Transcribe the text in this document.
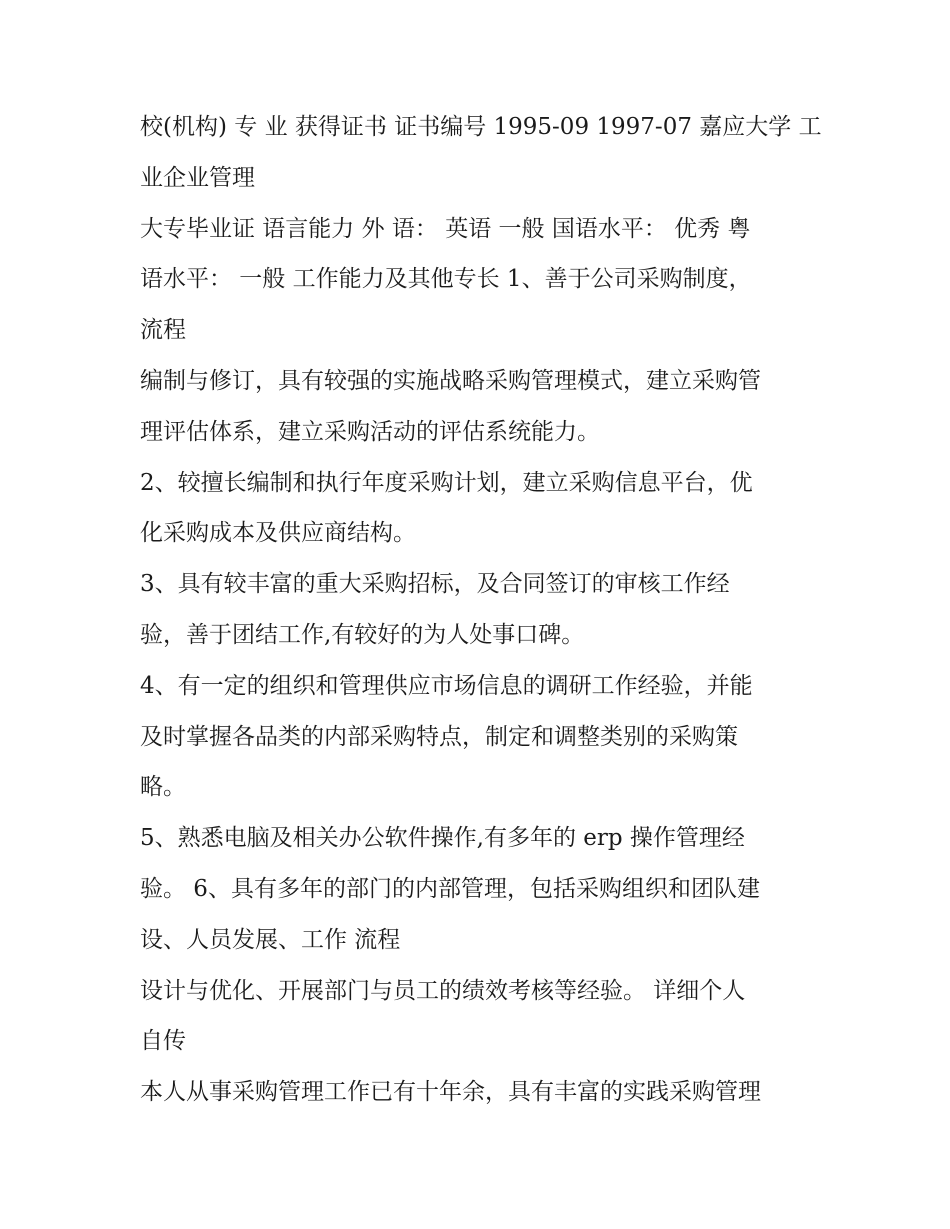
校(机构) 专 业 获得证书 证书编号 1995-09 1997-07 嘉应大学 工
业企业管理
大专毕业证 语言能力 外 语： 英语 一般 国语水平： 优秀 粤
语水平： 一般 工作能力及其他专长 1、善于公司采购制度，
流程
编制与修订，具有较强的实施战略采购管理模式，建立采购管
理评估体系，建立采购活动的评估系统能力。
2、较擅长编制和执行年度采购计划，建立采购信息平台，优
化采购成本及供应商结构。
3、具有较丰富的重大采购招标，及合同签订的审核工作经
验，善于团结工作,有较好的为人处事口碑。
4、有一定的组织和管理供应市场信息的调研工作经验，并能
及时掌握各品类的内部采购特点，制定和调整类别的采购策
略。
5、熟悉电脑及相关办公软件操作,有多年的 erp 操作管理经
验。 6、具有多年的部门的内部管理，包括采购组织和团队建
设、人员发展、工作 流程
设计与优化、开展部门与员工的绩效考核等经验。 详细个人
自传
本人从事采购管理工作已有十年余，具有丰富的实践采购管理
